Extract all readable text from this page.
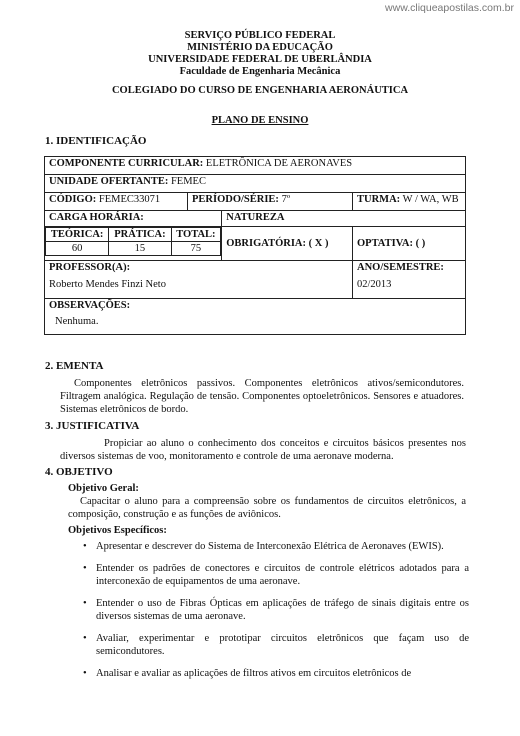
www.cliqueapostilas.com.br
SERVIÇO PÚBLICO FEDERAL
MINISTÉRIO DA EDUCAÇÃO
UNIVERSIDADE FEDERAL DE UBERLÂNDIA
Faculdade de Engenharia Mecânica
COLEGIADO DO CURSO DE ENGENHARIA AERONÁUTICA
PLANO DE ENSINO
1. IDENTIFICAÇÃO
COMPONENTE CURRICULAR: ELETRÔNICA DE AERONAVES
UNIDADE OFERTANTE: FEMEC
CÓDIGO: FEMEC33071	PERÍODO/SÉRIE: 7º	TURMA: W / WA, WB
CARGA HORÁRIA:	NATUREZA

TEÓRICA:	PRÁTICA:	TOTAL:
60	15	75
	OBRIGATÓRIA: ( X )	OPTATIVA: ( )

PROFESSOR(A):
Roberto Mendes Finzi Neto

ANO/SEMESTRE:
02/2013

OBSERVAÇÕES:
Nenhuma.
2. EMENTA

Componentes eletrônicos passivos. Componentes eletrônicos ativos/semicondutores. Filtragem analógica. Regulação de tensão. Componentes optoeletrônicos. Sensores e atuadores. Sistemas eletrônicos de bordo.

3. JUSTIFICATIVA

Propiciar ao aluno o conhecimento dos conceitos e circuitos básicos presentes nos diversos sistemas de voo, monitoramento e controle de uma aeronave moderna.

4. OBJETIVO
Objetivo Geral:

Capacitar o aluno para a compreensão sobre os fundamentos de circuitos eletrônicos, a composição, construção e as funções de aviônicos.

Objetivos Específicos:
• Apresentar e descrever do Sistema de Interconexão Elétrica de Aeronaves (EWIS).
• Entender os padrões de conectores e circuitos de controle elétricos adotados para a interconexão de equipamentos de uma aeronave.
• Entender o uso de Fibras Ópticas em aplicações de tráfego de sinais digitais entre os diversos sistemas de uma aeronave.
• Avaliar, experimentar e prototipar circuitos eletrônicos que façam uso de semicondutores.
• Analisar e avaliar as aplicações de filtros ativos em circuitos eletrônicos de
